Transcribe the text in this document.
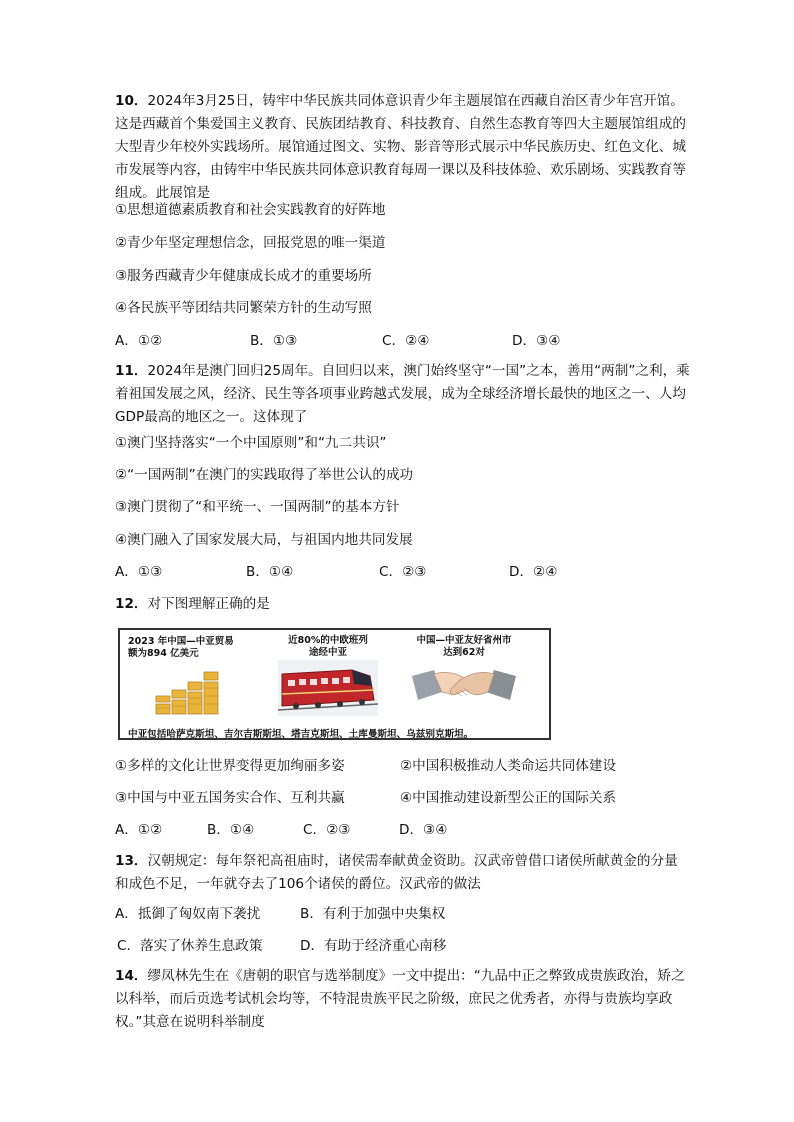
10．2024年3月25日，铸牢中华民族共同体意识青少年主题展馆在西藏自治区青少年宫开馆。这是西藏首个集爱国主义教育、民族团结教育、科技教育、自然生态教育等四大主题展馆组成的大型青少年校外实践场所。展馆通过图文、实物、影音等形式展示中华民族历史、红色文化、城市发展等内容，由铸牢中华民族共同体意识教育每周一课以及科技体验、欢乐剧场、实践教育等组成。此展馆是

①思想道德素质教育和社会实践教育的好阵地
②青少年坚定理想信念，回报党恩的唯一渠道
③服务西藏青少年健康成长成才的重要场所
④各民族平等团结共同繁荣方针的生动写照
A．①②	B．①③	C．②④	D．③④

11．2024年是澳门回归25周年。自回归以来，澳门始终坚守“一国”之本，善用“两制”之利，乘着祖国发展之风，经济、民生等各项事业跨越式发展，成为全球经济增长最快的地区之一、人均GDP最高的地区之一。这体现了

①澳门坚持落实“一个中国原则”和“九二共识”
②“一国两制”在澳门的实践取得了举世公认的成功
③澳门贯彻了“和平统一、一国两制”的基本方针
④澳门融入了国家发展大局，与祖国内地共同发展
A．①③	B．①④	C．②③	D．②④

12．对下图理解正确的是

2023 年中国—中亚贸易额为894 亿美元
近80%的中欧班列
途经中亚
中国—中亚友好省州市
达到62对
中亚包括哈萨克斯坦、吉尔吉斯斯坦、塔吉克斯坦、土库曼斯坦、乌兹别克斯坦。
①多样的文化让世界变得更加绚丽多姿	②中国积极推动人类命运共同体建设
③中国与中亚五国务实合作、互利共赢	④中国推动建设新型公正的国际关系
A．①②	B．①④	C．②③	D．③④

13．汉朝规定：每年祭祀高祖庙时，诸侯需奉献黄金资助。汉武帝曾借口诸侯所献黄金的分量和成色不足，一年就夺去了106个诸侯的爵位。汉武帝的做法

A．抵御了匈奴南下袭扰	B．有利于加强中央集权
C．落实了休养生息政策	D．有助于经济重心南移

14．缪凤林先生在《唐朝的职官与选举制度》一文中提出：“九品中正之弊致成贵族政治，矫之以科举，而后贡选考试机会均等，不特混贵族平民之阶级，庶民之优秀者，亦得与贵族均享政权。”其意在说明科举制度
